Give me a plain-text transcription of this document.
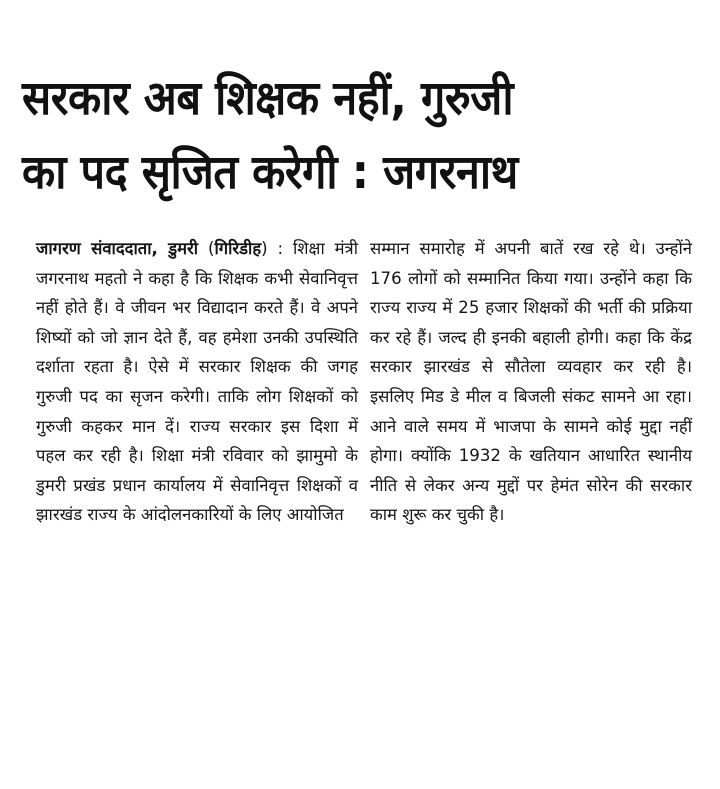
सरकार अब शिक्षक नहीं, गुरुजी
का पद सृजित करेगी : जगरनाथ
जागरण संवाददाता, डुमरी (गिरिडीह) : शिक्षा मंत्री जगरनाथ महतो ने कहा है कि शिक्षक कभी सेवानिवृत्त नहीं होते हैं। वे जीवन भर विद्यादान करते हैं। वे अपने शिष्यों को जो ज्ञान देते हैं, वह हमेशा उनकी उपस्थिति दर्शाता रहता है। ऐसे में सरकार शिक्षक की जगह गुरुजी पद का सृजन करेगी। ताकि लोग शिक्षकों को गुरुजी कहकर मान दें। राज्य सरकार इस दिशा में पहल कर रही है। शिक्षा मंत्री रविवार को झामुमो के डुमरी प्रखंड प्रधान कार्यालय में सेवानिवृत्त शिक्षकों व झारखंड राज्य के आंदोलनकारियों के लिए आयोजित
सम्मान समारोह में अपनी बातें रख रहे थे। उन्होंने 176 लोगों को सम्मानित किया गया। उन्होंने कहा कि राज्य राज्य में 25 हजार शिक्षकों की भर्ती की प्रक्रिया कर रहे हैं। जल्द ही इनकी बहाली होगी। कहा कि केंद्र सरकार झारखंड से सौतेला व्यवहार कर रही है। इसलिए मिड डे मील व बिजली संकट सामने आ रहा। आने वाले समय में भाजपा के सामने कोई मुद्दा नहीं होगा। क्योंकि 1932 के खतियान आधारित स्थानीय नीति से लेकर अन्य मुद्दों पर हेमंत सोरेन की सरकार काम शुरू कर चुकी है।
